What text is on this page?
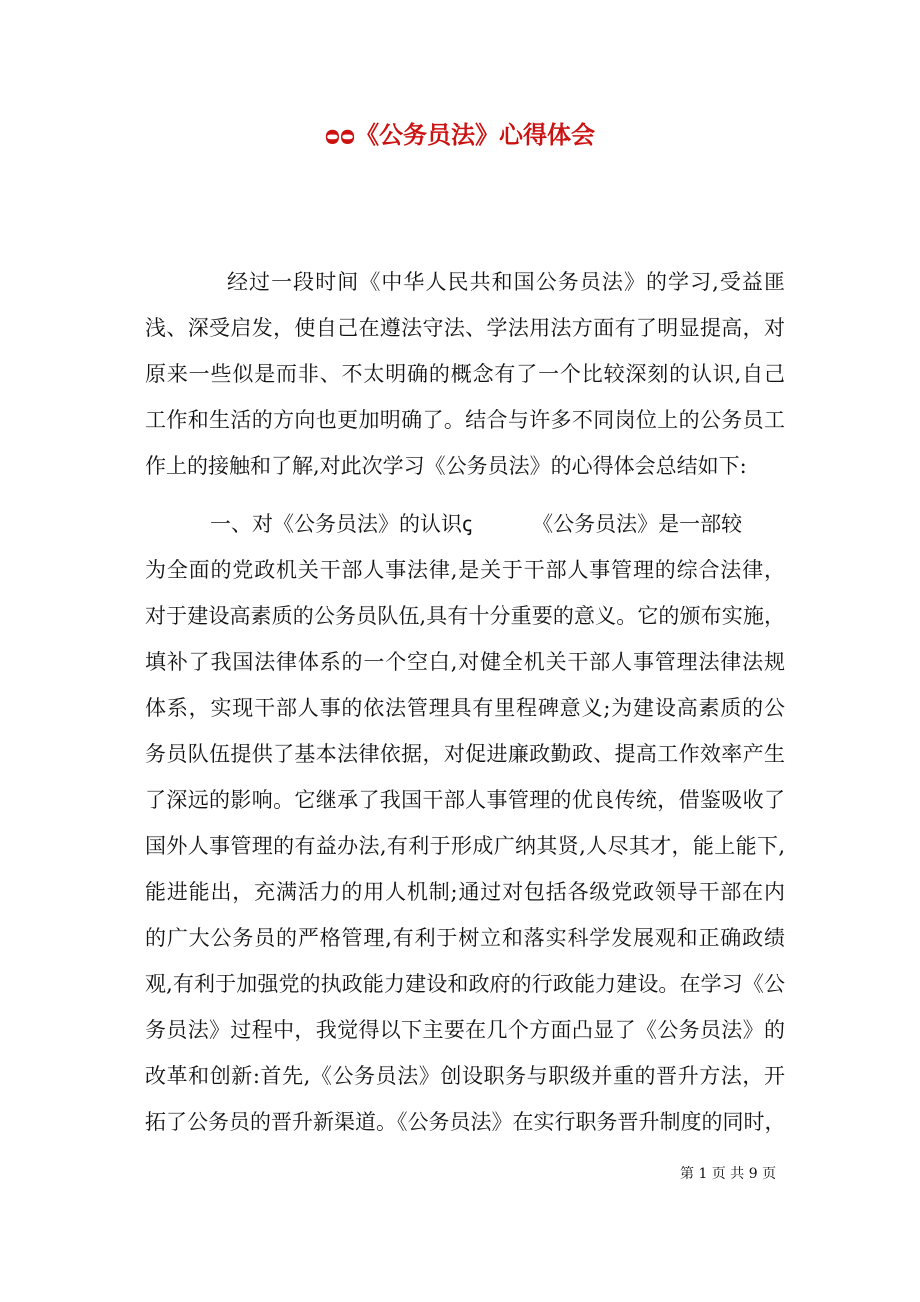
ᴑᴑ《公务员法》心得体会
经过一段时间《中华人民共和国公务员法》的学习,受益匪
浅、深受启发，使自己在遵法守法、学法用法方面有了明显提高，对
原来一些似是而非、不太明确的概念有了一个比较深刻的认识,自己
工作和生活的方向也更加明确了。结合与许多不同岗位上的公务员工
作上的接触和了解,对此次学习《公务员法》的心得体会总结如下:
一、对《公务员法》的认识ꞔ	《公务员法》是一部较
为全面的党政机关干部人事法律,是关于干部人事管理的综合法律，
对于建设高素质的公务员队伍,具有十分重要的意义。它的颁布实施，
填补了我国法律体系的一个空白,对健全机关干部人事管理法律法规
体系，实现干部人事的依法管理具有里程碑意义;为建设高素质的公
务员队伍提供了基本法律依据，对促进廉政勤政、提高工作效率产生
了深远的影响。它继承了我国干部人事管理的优良传统，借鉴吸收了
国外人事管理的有益办法,有利于形成广纳其贤,人尽其才，能上能下,
能进能出，充满活力的用人机制;通过对包括各级党政领导干部在内
的广大公务员的严格管理,有利于树立和落实科学发展观和正确政绩
观,有利于加强党的执政能力建设和政府的行政能力建设。在学习《公
务员法》过程中，我觉得以下主要在几个方面凸显了《公务员法》的
改革和创新:首先,《公务员法》创设职务与职级并重的晋升方法，开
拓了公务员的晋升新渠道。《公务员法》在实行职务晋升制度的同时，
第 1 页 共 9 页
